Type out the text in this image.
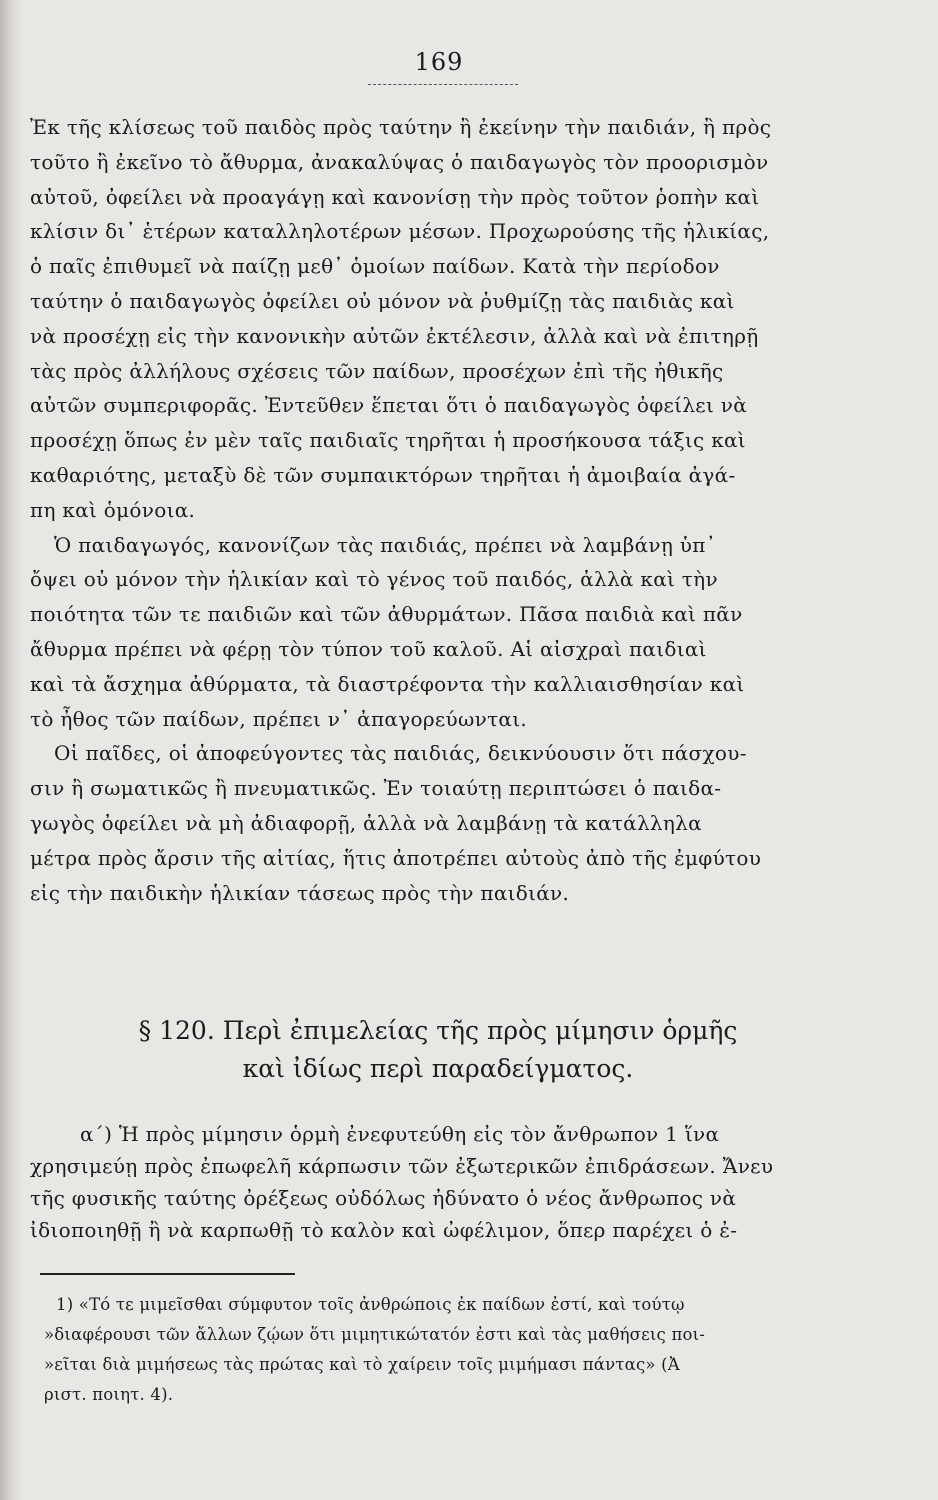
169
Ἐκ τῆς κλίσεως τοῦ παιδὸς πρὸς ταύτην ἢ ἐκείνην τὴν παιδιάν, ἢ πρὸς
τοῦτο ἢ ἐκεῖνο τὸ ἄθυρμα, ἀνακαλύψας ὁ παιδαγωγὸς τὸν προορισμὸν
αὐτοῦ, ὀφείλει νὰ προαγάγῃ καὶ κανονίσῃ τὴν πρὸς τοῦτον ῥοπὴν καὶ
κλίσιν δι᾽ ἑτέρων καταλληλοτέρων μέσων. Προχωρούσης τῆς ἡλικίας,
ὁ παῖς ἐπιθυμεῖ νὰ παίζῃ μεθ᾽ ὁμοίων παίδων. Κατὰ τὴν περίοδον
ταύτην ὁ παιδαγωγὸς ὀφείλει οὐ μόνον νὰ ῥυθμίζῃ τὰς παιδιὰς καὶ
νὰ προσέχῃ εἰς τὴν κανονικὴν αὐτῶν ἐκτέλεσιν, ἀλλὰ καὶ νὰ ἐπιτηρῇ
τὰς πρὸς ἀλλήλους σχέσεις τῶν παίδων, προσέχων ἐπὶ τῆς ἠθικῆς
αὐτῶν συμπεριφορᾶς. Ἐντεῦθεν ἕπεται ὅτι ὁ παιδαγωγὸς ὀφείλει νὰ
προσέχῃ ὅπως ἐν μὲν ταῖς παιδιαῖς τηρῆται ἡ προσήκουσα τάξις καὶ
καθαριότης, μεταξὺ δὲ τῶν συμπαικτόρων τηρῆται ἡ ἀμοιβαία ἀγά-
πη καὶ ὁμόνοια.
Ὁ παιδαγωγός, κανονίζων τὰς παιδιάς, πρέπει νὰ λαμβάνῃ ὑπ᾽
ὄψει οὐ μόνον τὴν ἡλικίαν καὶ τὸ γένος τοῦ παιδός, ἀλλὰ καὶ τὴν
ποιότητα τῶν τε παιδιῶν καὶ τῶν ἀθυρμάτων. Πᾶσα παιδιὰ καὶ πᾶν
ἄθυρμα πρέπει νὰ φέρῃ τὸν τύπον τοῦ καλοῦ. Αἱ αἰσχραὶ παιδιαὶ
καὶ τὰ ἄσχημα ἀθύρματα, τὰ διαστρέφοντα τὴν καλλιαισθησίαν καὶ
τὸ ἦθος τῶν παίδων, πρέπει ν᾽ ἀπαγορεύωνται.
Οἱ παῖδες, οἱ ἀποφεύγοντες τὰς παιδιάς, δεικνύουσιν ὅτι πάσχου-
σιν ἢ σωματικῶς ἢ πνευματικῶς. Ἐν τοιαύτῃ περιπτώσει ὁ παιδα-
γωγὸς ὀφείλει νὰ μὴ ἀδιαφορῇ, ἀλλὰ νὰ λαμβάνῃ τὰ κατάλληλα
μέτρα πρὸς ἄρσιν τῆς αἰτίας, ἥτις ἀποτρέπει αὐτοὺς ἀπὸ τῆς ἐμφύτου
εἰς τὴν παιδικὴν ἡλικίαν τάσεως πρὸς τὴν παιδιάν.
§ 120. Περὶ ἐπιμελείας τῆς πρὸς μίμησιν ὁρμῆς
καὶ ἰδίως περὶ παραδείγματος.
α΄) Ἡ πρὸς μίμησιν ὁρμὴ ἐνεφυτεύθη εἰς τὸν ἄνθρωπον 1 ἵνα
χρησιμεύῃ πρὸς ἐπωφελῆ κάρπωσιν τῶν ἐξωτερικῶν ἐπιδράσεων. Ἄνευ
τῆς φυσικῆς ταύτης ὀρέξεως οὐδόλως ἠδύνατο ὁ νέος ἄνθρωπος νὰ
ἰδιοποιηθῇ ἢ νὰ καρπωθῇ τὸ καλὸν καὶ ὠφέλιμον, ὅπερ παρέχει ὁ ἐ-
1) «Τό τε μιμεῖσθαι σύμφυτον τοῖς ἀνθρώποις ἐκ παίδων ἐστί, καὶ τούτῳ
»διαφέρουσι τῶν ἄλλων ζῴων ὅτι μιμητικώτατόν ἐστι καὶ τὰς μαθήσεις ποι-
»εῖται διὰ μιμήσεως τὰς πρώτας καὶ τὸ χαίρειν τοῖς μιμήμασι πάντας» (Ἀ
ριστ. ποιητ. 4).
